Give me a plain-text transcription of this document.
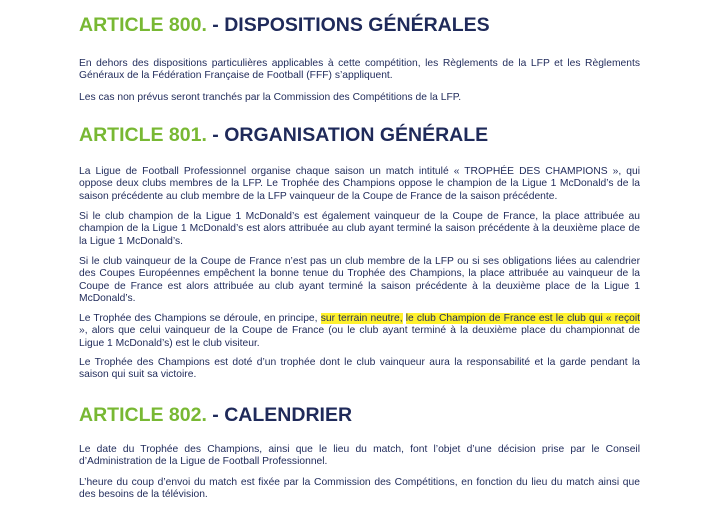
ARTICLE 800. - DISPOSITIONS GÉNÉRALES

En dehors des dispositions particulières applicables à cette compétition, les Règlements de la LFP et les Règlements Généraux de la Fédération Française de Football (FFF) s’appliquent.

Les cas non prévus seront tranchés par la Commission des Compétitions de la LFP.

ARTICLE 801. - ORGANISATION GÉNÉRALE

La Ligue de Football Professionnel organise chaque saison un match intitulé « TROPHÉE DES CHAMPIONS », qui oppose deux clubs membres de la LFP. Le Trophée des Champions oppose le champion de la Ligue 1 McDonald’s de la saison précédente au club membre de la LFP vainqueur de la Coupe de France de la saison précédente.

Si le club champion de la Ligue 1 McDonald’s est également vainqueur de la Coupe de France, la place attribuée au champion de la Ligue 1 McDonald’s est alors attribuée au club ayant terminé la saison précédente à la deuxième place de la Ligue 1 McDonald’s.

Si le club vainqueur de la Coupe de France n’est pas un club membre de la LFP ou si ses obligations liées au calendrier des Coupes Européennes empêchent la bonne tenue du Trophée des Champions, la place attribuée au vainqueur de la Coupe de France est alors attribuée au club ayant terminé la saison précédente à la deuxième place de la Ligue 1 McDonald’s.

Le Trophée des Champions se déroule, en principe, sur terrain neutre, le club Champion de France est le club qui « reçoit », alors que celui vainqueur de la Coupe de France (ou le club ayant terminé à la deuxième place du championnat de Ligue 1 McDonald’s) est le club visiteur.

Le Trophée des Champions est doté d’un trophée dont le club vainqueur aura la responsabilité et la garde pendant la saison qui suit sa victoire.

ARTICLE 802. - CALENDRIER

Le date du Trophée des Champions, ainsi que le lieu du match, font l’objet d’une décision prise par le Conseil d’Administration de la Ligue de Football Professionnel.

L’heure du coup d’envoi du match est fixée par la Commission des Compétitions, en fonction du lieu du match ainsi que des besoins de la télévision.
